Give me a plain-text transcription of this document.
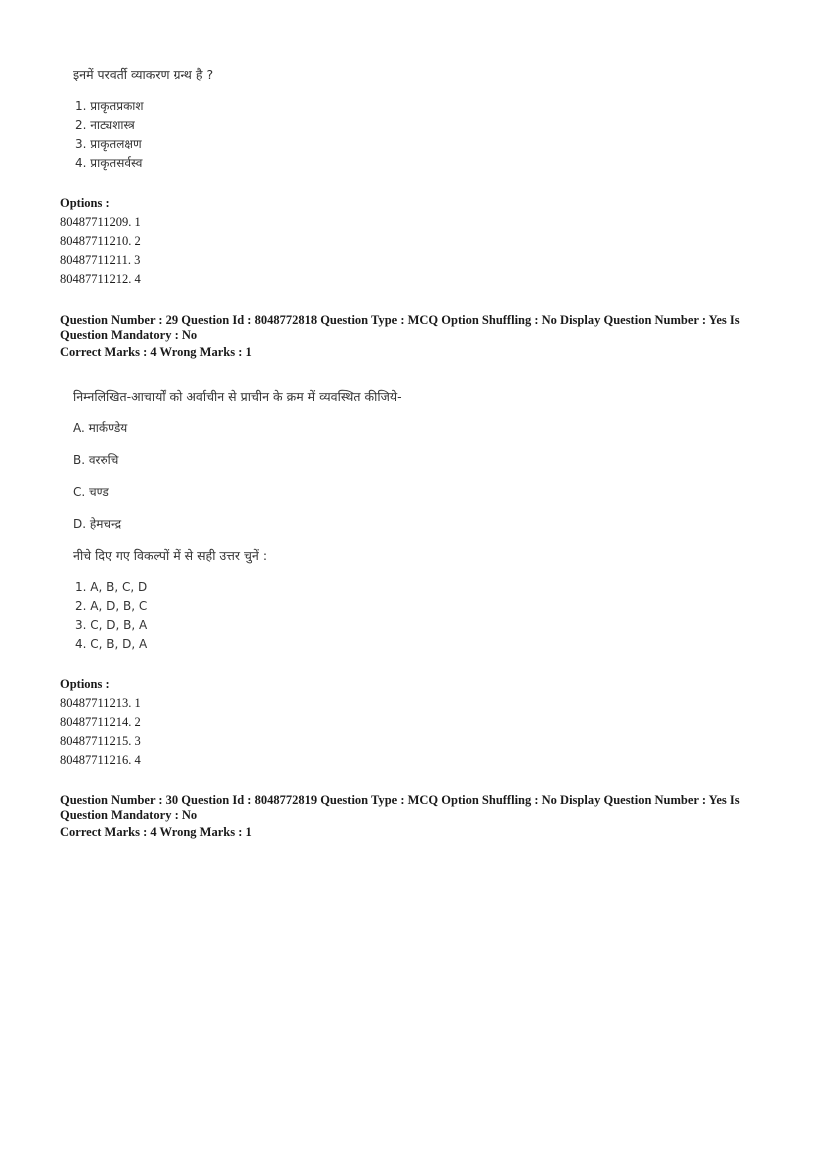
इनमें परवर्ती व्याकरण ग्रन्थ है ?
1. प्राकृतप्रकाश
2. नाट्यशास्त्र
3. प्राकृतलक्षण
4. प्राकृतसर्वस्व
Options :
80487711209. 1
80487711210. 2
80487711211. 3
80487711212. 4
Question Number : 29 Question Id : 8048772818 Question Type : MCQ Option Shuffling : No Display Question Number : Yes Is
Question Mandatory : No
Correct Marks : 4 Wrong Marks : 1
निम्नलिखित-आचार्यों को अर्वाचीन से प्राचीन के क्रम में व्यवस्थित कीजिये-
A. मार्कण्डेय
B. वररुचि
C. चण्ड
D. हेमचन्द्र
नीचे दिए गए विकल्पों में से सही उत्तर चुनें :
1. A, B, C, D
2. A, D, B, C
3. C, D, B, A
4. C, B, D, A
Options :
80487711213. 1
80487711214. 2
80487711215. 3
80487711216. 4
Question Number : 30 Question Id : 8048772819 Question Type : MCQ Option Shuffling : No Display Question Number : Yes Is
Question Mandatory : No
Correct Marks : 4 Wrong Marks : 1
